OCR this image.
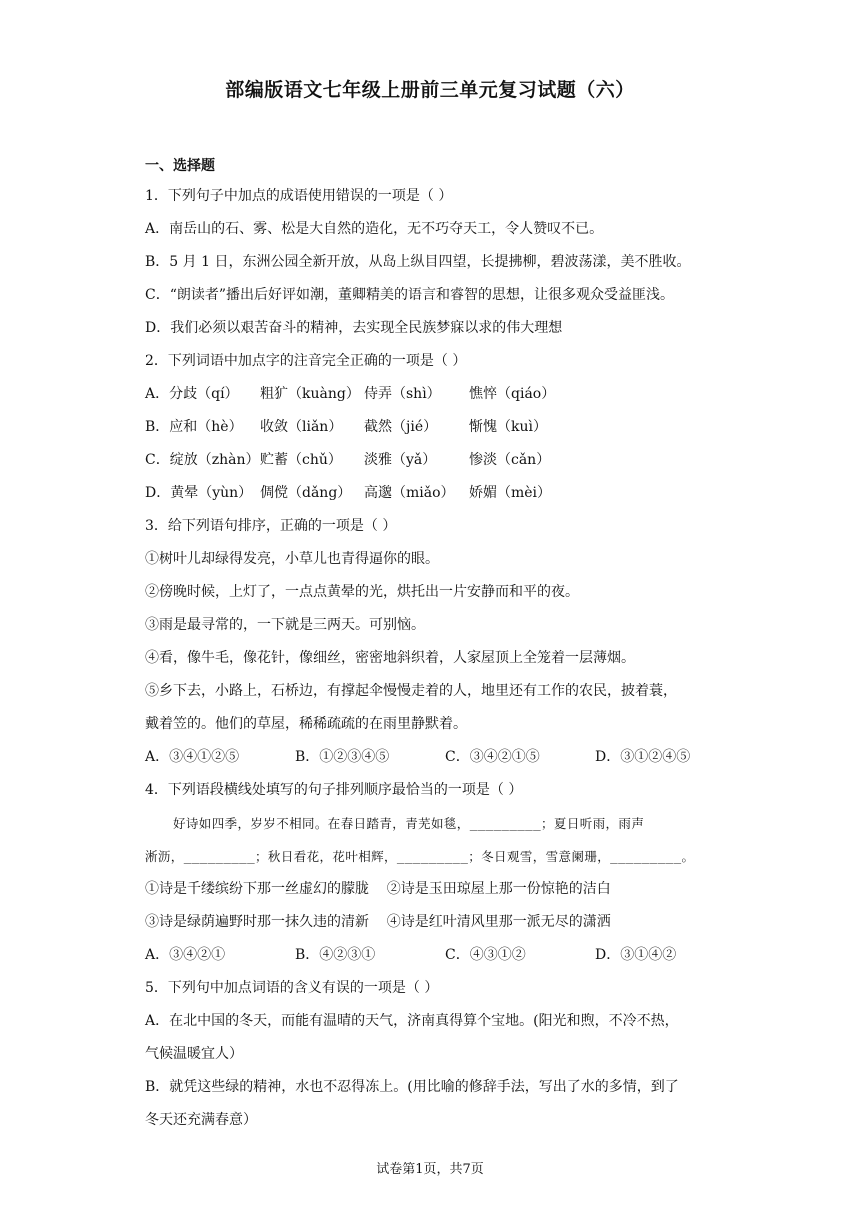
部编版语文七年级上册前三单元复习试题（六）
一、选择题
1．下列句子中加点的成语使用错误的一项是（ ）
A．南岳山的石、雾、松是大自然的造化，无不巧夺天工，令人赞叹不已。
B．5 月 1 日，东洲公园全新开放，从岛上纵目四望，长提拂柳，碧波荡漾，美不胜收。
C．“朗读者”播出后好评如潮，董卿精美的语言和睿智的思想，让很多观众受益匪浅。
D．我们必须以艰苦奋斗的精神，去实现全民族梦寐以求的伟大理想
2．下列词语中加点字的注音完全正确的一项是（ ）
A．分歧（qí）	粗犷（kuàng） 侍弄（shì）	憔悴（qiáo）
B．应和（hè）	收敛（liǎn）	截然（jié）	惭愧（kuì）
C．绽放（zhàn） 贮蓄（chǔ）	淡雅（yǎ）	惨淡（cǎn）
D．黄晕（yùn） 倜傥（dǎng） 高邈（miǎo）	娇媚（mèi）
3．给下列语句排序，正确的一项是（ ）
①树叶儿却绿得发亮，小草儿也青得逼你的眼。
②傍晚时候，上灯了，一点点黄晕的光，烘托出一片安静而和平的夜。
③雨是最寻常的，一下就是三两天。可别恼。
④看，像牛毛，像花针，像细丝，密密地斜织着，人家屋顶上全笼着一层薄烟。
⑤乡下去，小路上，石桥边，有撑起伞慢慢走着的人，地里还有工作的农民，披着蓑，
戴着笠的。他们的草屋，稀稀疏疏的在雨里静默着。
A．③④①②⑤	B．①②③④⑤	C．③④②①⑤	D．③①②④⑤
4．下列语段横线处填写的句子排列顺序最恰当的一项是（ ）
好诗如四季，岁岁不相同。在春日踏青，青芜如毯，_________；夏日听雨，雨声
淅沥，_________；秋日看花，花叶相辉，_________；冬日观雪，雪意阑珊，_________。
①诗是千缕缤纷下那一丝虚幻的朦胧    ②诗是玉田琼屋上那一份惊艳的洁白
③诗是绿荫遍野时那一抹久违的清新    ④诗是红叶清风里那一派无尽的潇洒
A．③④②①	B．④②③①	C．④③①②	D．③①④②
5．下列句中加点词语的含义有误的一项是（ ）
A．在北中国的冬天，而能有温晴的天气，济南真得算个宝地。(阳光和煦，不冷不热，
气候温暖宜人）
B．就凭这些绿的精神，水也不忍得冻上。(用比喻的修辞手法，写出了水的多情，到了
冬天还充满春意）
试卷第1页，共7页
